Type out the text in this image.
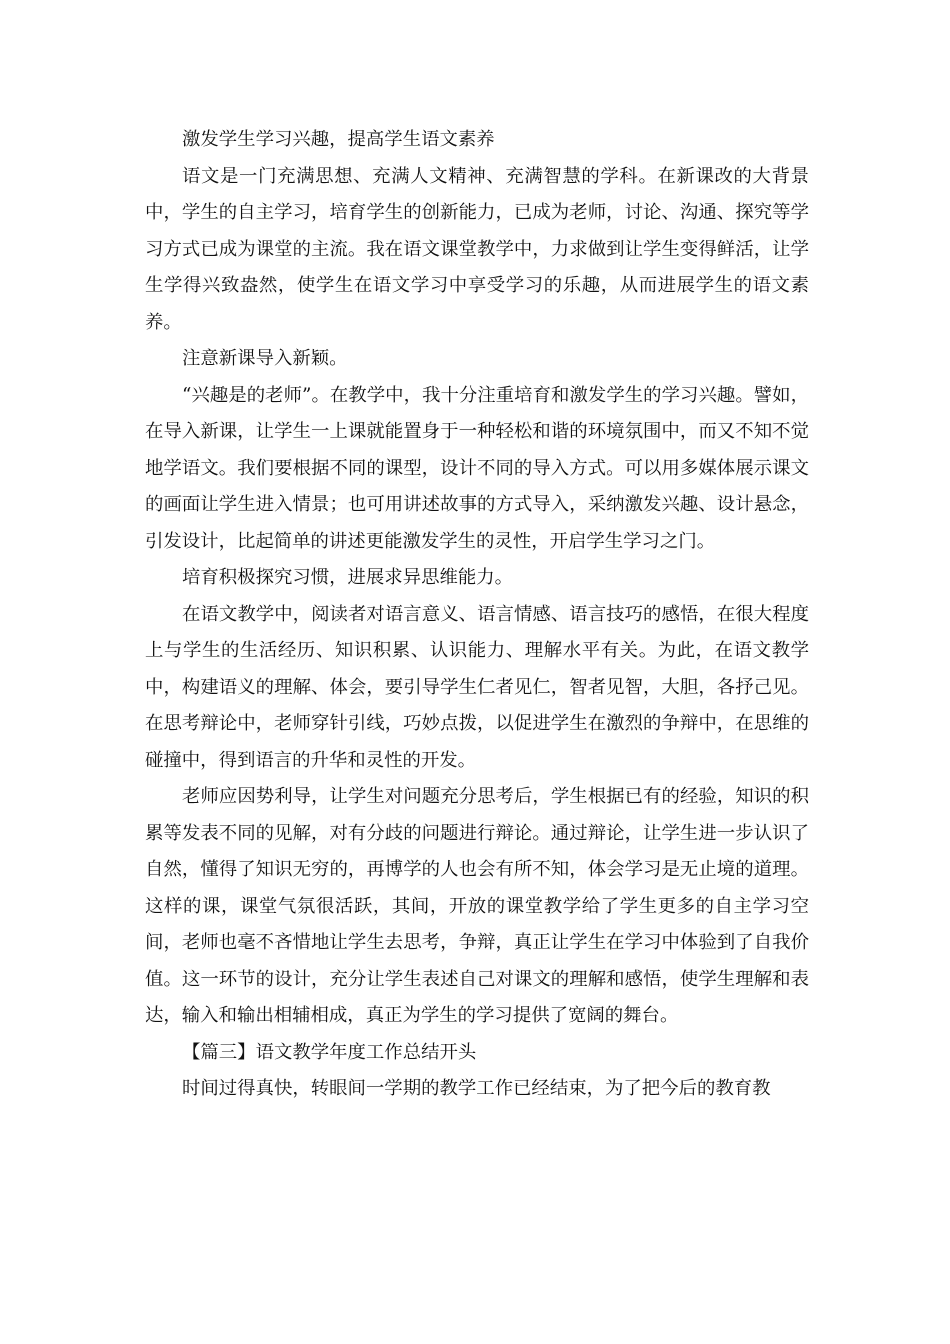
激发学生学习兴趣，提高学生语文素养

语文是一门充满思想、充满人文精神、充满智慧的学科。在新课改的大背景中，学生的自主学习，培育学生的创新能力，已成为老师，讨论、沟通、探究等学习方式已成为课堂的主流。我在语文课堂教学中，力求做到让学生变得鲜活，让学生学得兴致盎然，使学生在语文学习中享受学习的乐趣，从而进展学生的语文素养。

注意新课导入新颖。

“兴趣是的老师”。在教学中，我十分注重培育和激发学生的学习兴趣。譬如，在导入新课，让学生一上课就能置身于一种轻松和谐的环境氛围中，而又不知不觉地学语文。我们要根据不同的课型，设计不同的导入方式。可以用多媒体展示课文的画面让学生进入情景；也可用讲述故事的方式导入，采纳激发兴趣、设计悬念，引发设计，比起简单的讲述更能激发学生的灵性，开启学生学习之门。

培育积极探究习惯，进展求异思维能力。

在语文教学中，阅读者对语言意义、语言情感、语言技巧的感悟，在很大程度上与学生的生活经历、知识积累、认识能力、理解水平有关。为此，在语文教学中，构建语义的理解、体会，要引导学生仁者见仁，智者见智，大胆，各抒己见。在思考辩论中，老师穿针引线，巧妙点拨，以促进学生在激烈的争辩中，在思维的碰撞中，得到语言的升华和灵性的开发。

老师应因势利导，让学生对问题充分思考后，学生根据已有的经验，知识的积累等发表不同的见解，对有分歧的问题进行辩论。通过辩论，让学生进一步认识了自然，懂得了知识无穷的，再博学的人也会有所不知，体会学习是无止境的道理。这样的课，课堂气氛很活跃，其间，开放的课堂教学给了学生更多的自主学习空间，老师也毫不吝惜地让学生去思考，争辩，真正让学生在学习中体验到了自我价值。这一环节的设计，充分让学生表述自己对课文的理解和感悟，使学生理解和表达，输入和输出相辅相成，真正为学生的学习提供了宽阔的舞台。

【篇三】语文教学年度工作总结开头

时间过得真快，转眼间一学期的教学工作已经结束，为了把今后的教育教
